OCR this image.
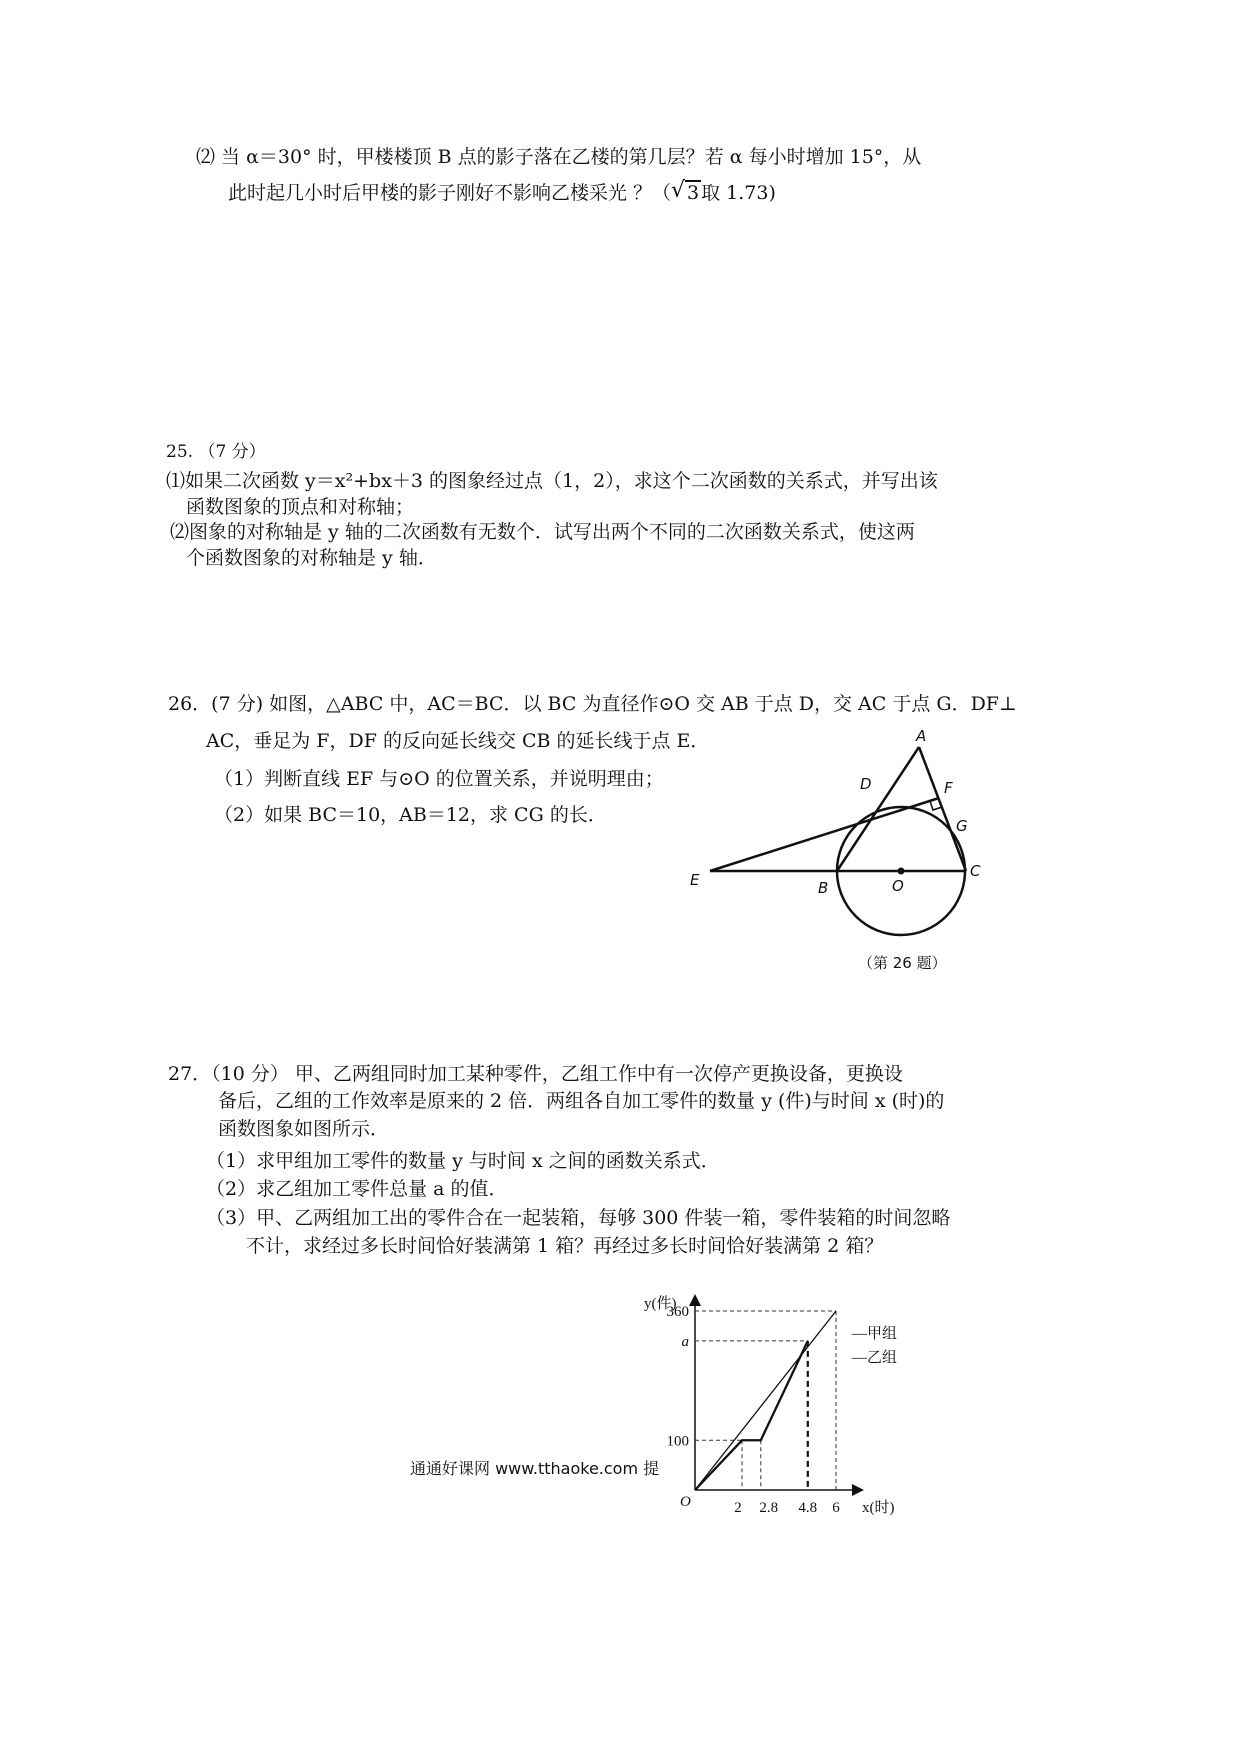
⑵ 当 α＝30° 时，甲楼楼顶 B 点的影子落在乙楼的第几层？若 α 每小时增加 15°，从
此时起几小时后甲楼的影子刚好不影响乙楼采光 ？（ √ 3 取 1.73)
25. （7 分）
⑴如果二次函数 y＝x²+bx＋3 的图象经过点（1，2），求这个二次函数的关系式，并写出该
函数图象的顶点和对称轴；
⑵图象的对称轴是 y 轴的二次函数有无数个．试写出两个不同的二次函数关系式，使这两
个函数图象的对称轴是 y 轴．
26．(7 分) 如图，△ABC 中，AC＝BC．以 BC 为直径作⊙O 交 AB 于点 D，交 AC 于点 G．DF⊥
AC，垂足为 F，DF 的反向延长线交 CB 的延长线于点 E．
（1）判断直线 EF 与⊙O 的位置关系，并说明理由；
（2）如果 BC＝10，AB＝12，求 CG 的长．
A
F
D
G
E	B	O
C
（第 26 题）
27．（10 分） 甲、乙两组同时加工某种零件，乙组工作中有一次停产更换设备，更换设
备后，乙组的工作效率是原来的 2 倍．两组各自加工零件的数量 y (件)与时间 x (时)的
函数图象如图所示．
（1）求甲组加工零件的数量 y 与时间 x 之间的函数关系式．
（2）求乙组加工零件总量 a 的值．
（3）甲、乙两组加工出的零件合在一起装箱，每够 300 件装一箱，零件装箱的时间忽略
不计，求经过多长时间恰好装满第 1 箱？再经过多长时间恰好装满第 2 箱？
y(件)
x(时)
O
100
a
360
2 2.8 4.8 6
—甲组
—乙组
通通好课网 www.tthaoke.com 提
